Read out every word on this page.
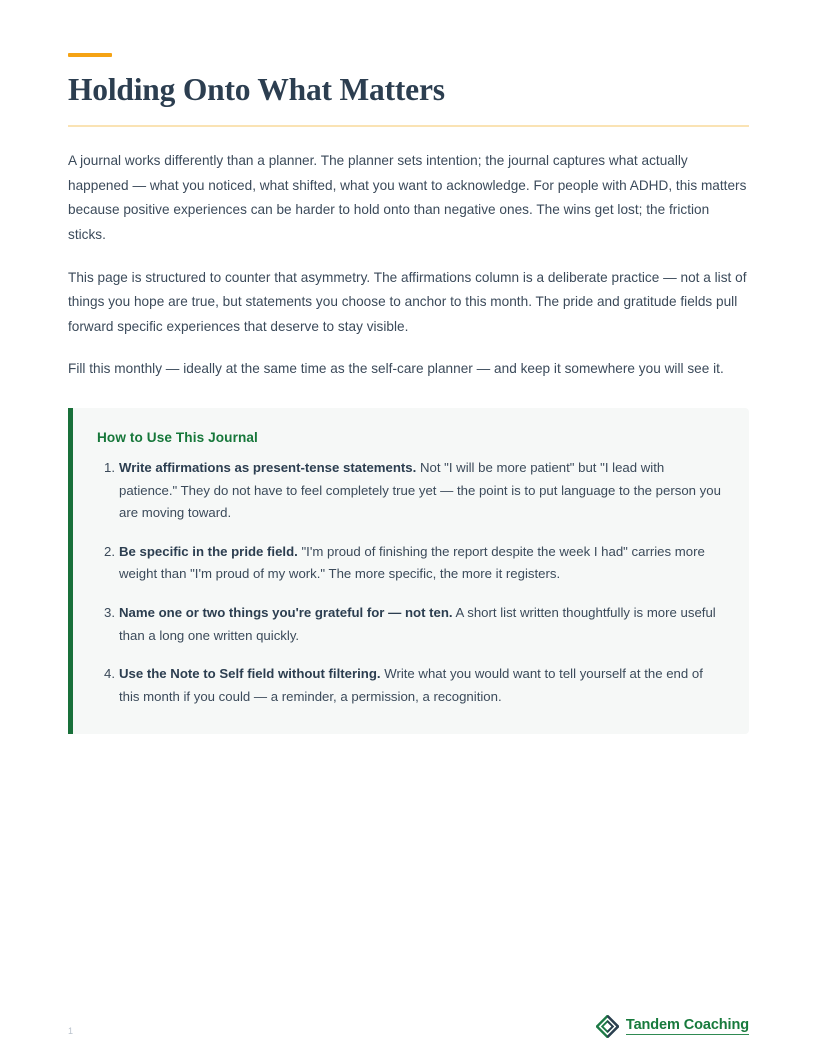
Holding Onto What Matters

A journal works differently than a planner. The planner sets intention; the journal captures what actually happened — what you noticed, what shifted, what you want to acknowledge. For people with ADHD, this matters because positive experiences can be harder to hold onto than negative ones. The wins get lost; the friction sticks.

This page is structured to counter that asymmetry. The affirmations column is a deliberate practice — not a list of things you hope are true, but statements you choose to anchor to this month. The pride and gratitude fields pull forward specific experiences that deserve to stay visible.

Fill this monthly — ideally at the same time as the self-care planner — and keep it somewhere you will see it.

How to Use This Journal
Write affirmations as present-tense statements. Not "I will be more patient" but "I lead with patience." They do not have to feel completely true yet — the point is to put language to the person you are moving toward.
Be specific in the pride field. "I'm proud of finishing the report despite the week I had" carries more weight than "I'm proud of my work." The more specific, the more it registers.
Name one or two things you're grateful for — not ten. A short list written thoughtfully is more useful than a long one written quickly.
Use the Note to Self field without filtering. Write what you would want to tell yourself at the end of this month if you could — a reminder, a permission, a recognition.
1	Tandem Coaching
